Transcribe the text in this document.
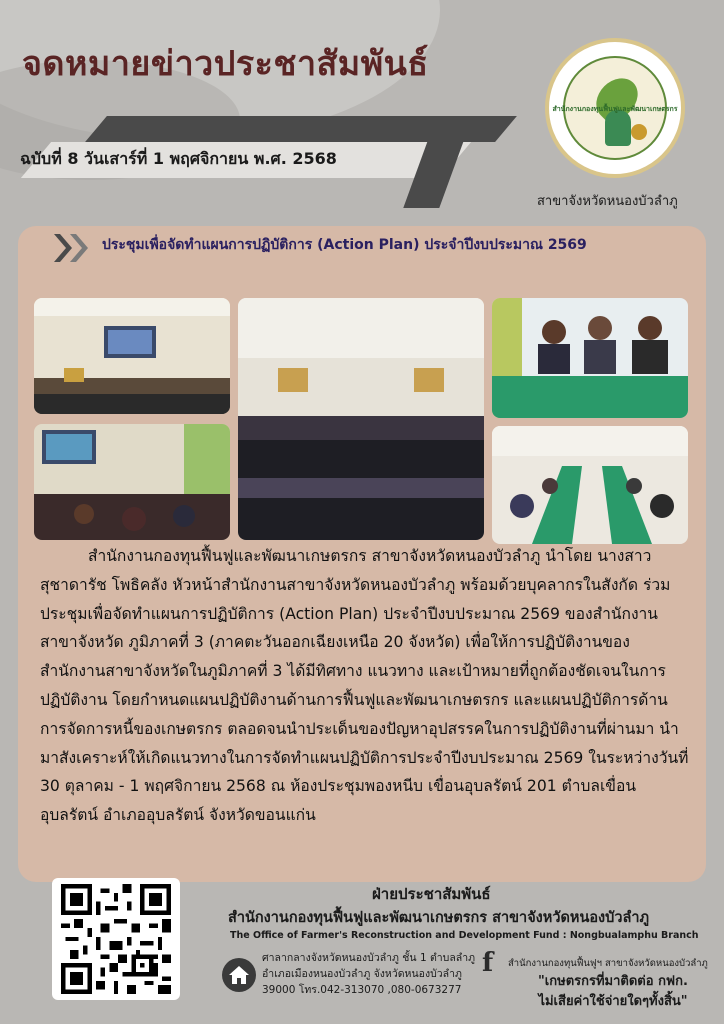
จดหมายข่าวประชาสัมพันธ์
ฉบับที่ 8 วันเสาร์ที่ 1 พฤศจิกายน พ.ศ. 2568
สำนักงานกองทุนฟื้นฟูและพัฒนาเกษตรกร
สาขาจังหวัดหนองบัวลำภู
ประชุมเพื่อจัดทำแผนการปฏิบัติการ (Action Plan) ประจำปีงบประมาณ 2569

สำนักงานกองทุนฟื้นฟูและพัฒนาเกษตรกร สาขาจังหวัดหนองบัวลำภู นำโดย นางสาวสุชาดารัช โพธิคลัง หัวหน้าสำนักงานสาขาจังหวัดหนองบัวลำภู พร้อมด้วยบุคลากรในสังกัด ร่วมประชุมเพื่อจัดทำแผนการปฏิบัติการ (Action Plan) ประจำปีงบประมาณ 2569 ของสำนักงานสาขาจังหวัด ภูมิภาคที่ 3 (ภาคตะวันออกเฉียงเหนือ 20 จังหวัด) เพื่อให้การปฏิบัติงานของสำนักงานสาขาจังหวัดในภูมิภาคที่ 3 ได้มีทิศทาง แนวทาง และเป้าหมายที่ถูกต้องชัดเจนในการปฏิบัติงาน โดยกำหนดแผนปฏิบัติงานด้านการฟื้นฟูและพัฒนาเกษตรกร และแผนปฏิบัติการด้านการจัดการหนี้ของเกษตรกร ตลอดจนนำประเด็นของปัญหาอุปสรรคในการปฏิบัติงานที่ผ่านมา นำมาสังเคราะห์ให้เกิดแนวทางในการจัดทำแผนปฏิบัติการประจำปีงบประมาณ 2569 ในระหว่างวันที่ 30 ตุลาคม - 1 พฤศจิกายน 2568 ณ ห้องประชุมพองหนีบ เขื่อนอุบลรัตน์ 201 ตำบลเขื่อนอุบลรัตน์ อำเภออุบลรัตน์ จังหวัดขอนแก่น

ฝ่ายประชาสัมพันธ์
สำนักงานกองทุนฟื้นฟูและพัฒนาเกษตรกร สาขาจังหวัดหนองบัวลำภู
The Office of Farmer's Reconstruction and Development Fund : Nongbualamphu Branch
ศาลากลางจังหวัดหนองบัวลำภู ชั้น 1 ตำบลลำภู
อำเภอเมืองหนองบัวลำภู จังหวัดหนองบัวลำภู
39000 โทร.042-313070 ,080-0673277
f	สำนักงานกองทุนฟื้นฟูฯ สาขาจังหวัดหนองบัวลำภู
"เกษตรกรที่มาติดต่อ กฟก.
ไม่เสียค่าใช้จ่ายใดๆทั้งสิ้น"
